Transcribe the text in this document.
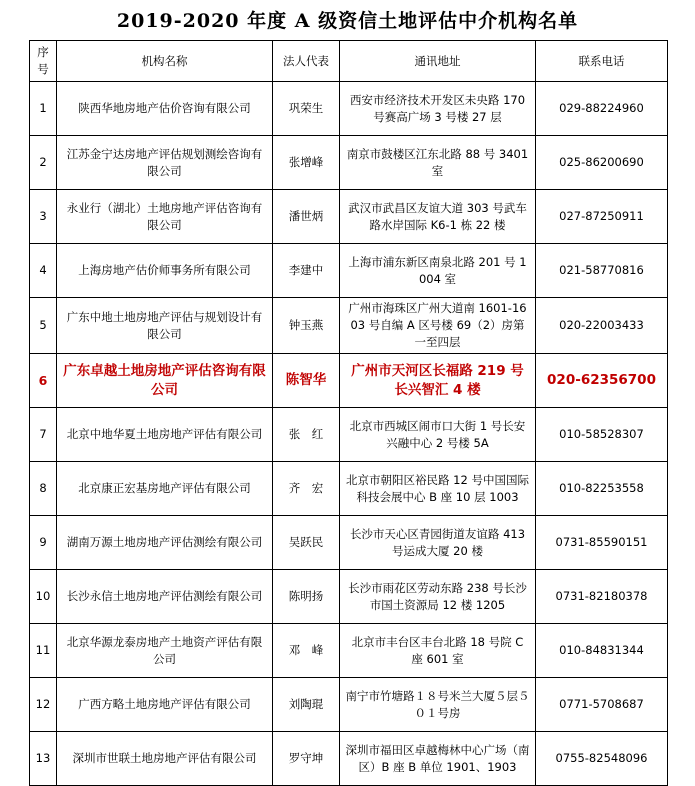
2019-2020 年度 A 级资信土地评估中介机构名单
序号	机构名称	法人代表	通讯地址	联系电话
1	陕西华地房地产估价咨询有限公司	巩荣生	西安市经济技术开发区未央路 170 号赛高广场 3 号楼 27 层	029-88224960
2	江苏金宁达房地产评估规划测绘咨询有限公司	张增峰	南京市鼓楼区江东北路 88 号 3401 室	025-86200690
3	永业行（湖北）土地房地产评估咨询有限公司	潘世炳	武汉市武昌区友谊大道 303 号武车路水岸国际 K6-1 栋 22 楼	027-87250911
4	上海房地产估价师事务所有限公司	李建中	上海市浦东新区南泉北路 201 号 1004 室	021-58770816
5	广东中地土地房地产评估与规划设计有限公司	钟玉燕	广州市海珠区广州大道南 1601-1603 号自编 A 区号楼 69（2）房第一至四层	020-22003433
6	广东卓越土地房地产评估咨询有限公司	陈智华	广州市天河区长福路 219 号长兴智汇 4 楼	020-62356700
7	北京中地华夏土地房地产评估有限公司	张　红	北京市西城区闹市口大街 1 号长安兴融中心 2 号楼 5A	010-58528307
8	北京康正宏基房地产评估有限公司	齐　宏	北京市朝阳区裕民路 12 号中国国际科技会展中心 B 座 10 层 1003	010-82253558
9	湖南万源土地房地产评估测绘有限公司	吴跃民	长沙市天心区青园街道友谊路 413 号运成大厦 20 楼	0731-85590151
10	长沙永信土地房地产评估测绘有限公司	陈明扬	长沙市雨花区劳动东路 238 号长沙市国土资源局 12 楼 1205	0731-82180378
11	北京华源龙泰房地产土地资产评估有限公司	邓　峰	北京市丰台区丰台北路 18 号院 C 座 601 室	010-84831344
12	广西方略土地房地产评估有限公司	刘陶琨	南宁市竹塘路１８号米兰大厦５层５０１号房	0771-5708687
13	深圳市世联土地房地产评估有限公司	罗守坤	深圳市福田区卓越梅林中心广场（南区）B 座 B 单位 1901、1903	0755-82548096
